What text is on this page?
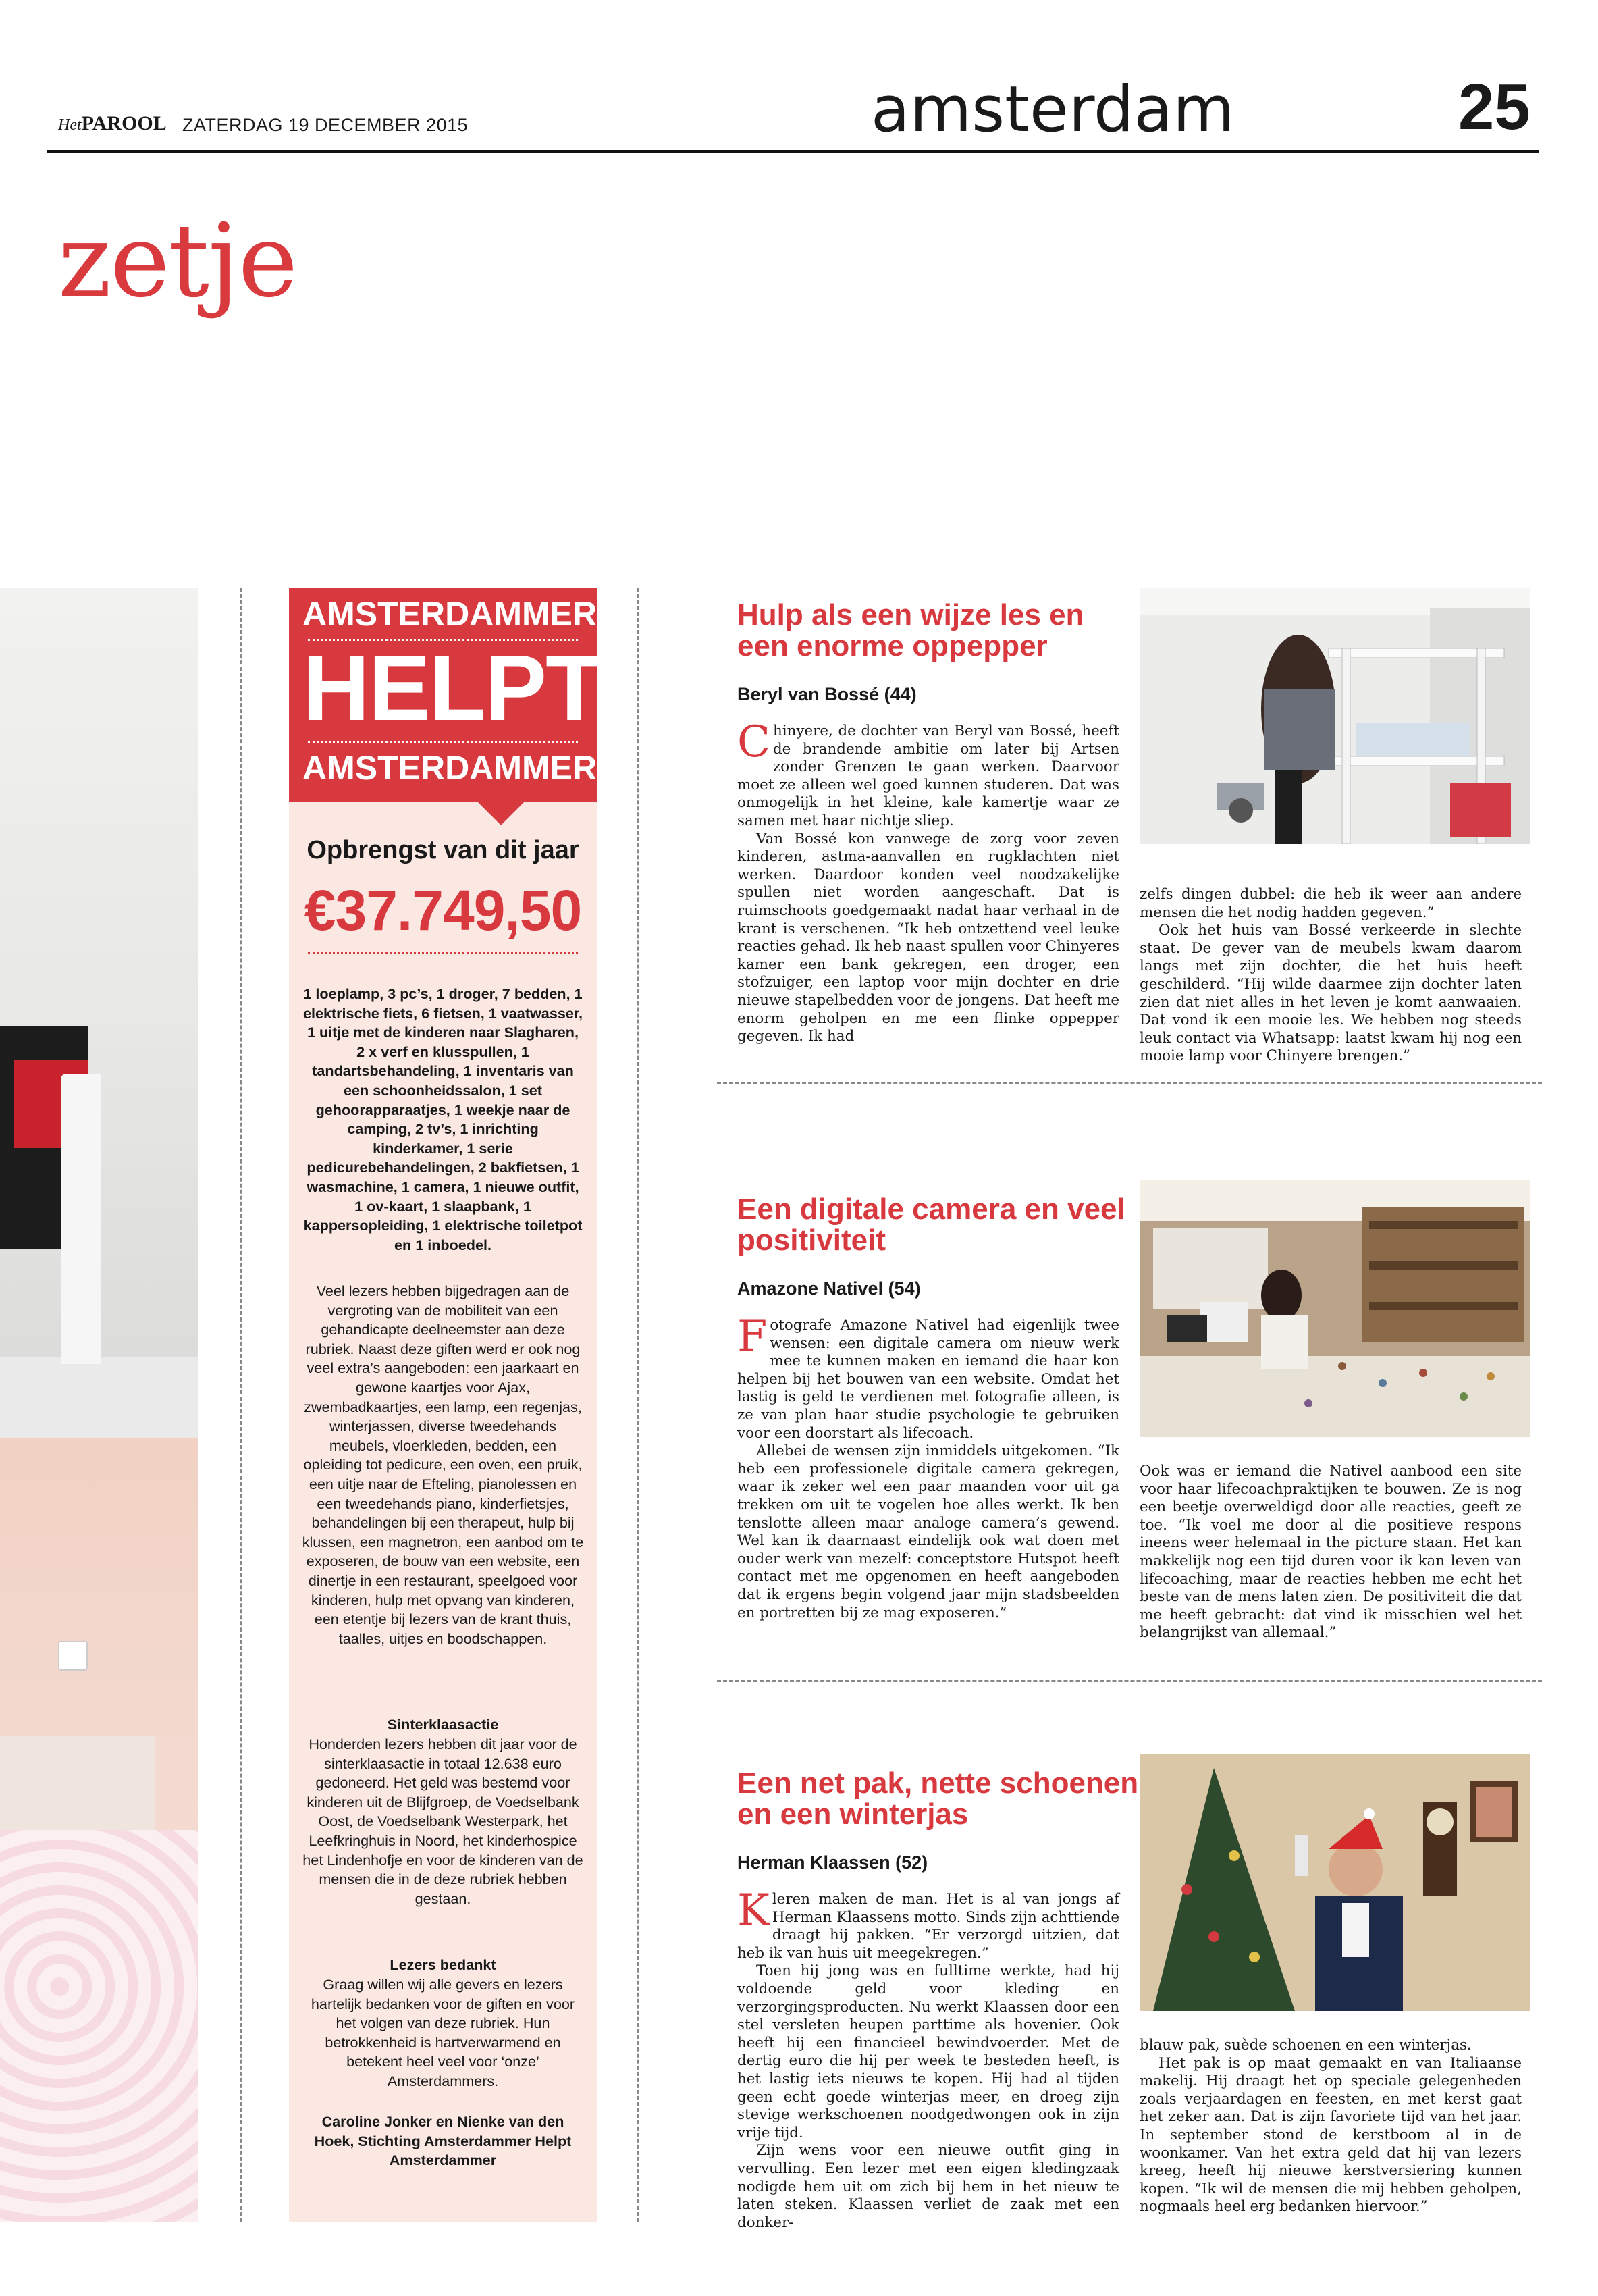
HetPAROOL ZATERDAG 19 DECEMBER 2015	amsterdam	25
zetje
AMSTERDAMMER
HELPT
AMSTERDAMMER
Opbrengst van dit jaar
€37.749,50
1 loeplamp, 3 pc’s, 1 droger, 7 bedden, 1 elektrische fiets, 6 fietsen, 1 vaatwasser, 1 uitje met de kinderen naar Slagharen, 2 x verf en klusspullen, 1 tandartsbehandeling, 1 inventaris van een schoonheidssalon, 1 set gehoorapparaatjes, 1 weekje naar de camping, 2 tv’s, 1 inrichting kinderkamer, 1 serie pedicurebehandelingen, 2 bakfietsen, 1 wasmachine, 1 camera, 1 nieuwe outfit, 1 ov-kaart, 1 slaapbank, 1 kappersopleiding, 1 elektrische toiletpot en 1 inboedel.
Veel lezers hebben bijgedragen aan de vergroting van de mobiliteit van een gehandicapte deelneemster aan deze rubriek. Naast deze giften werd er ook nog veel extra’s aangeboden: een jaarkaart en gewone kaartjes voor Ajax, zwembadkaartjes, een lamp, een regenjas, winterjassen, diverse tweedehands meubels, vloerkleden, bedden, een opleiding tot pedicure, een oven, een pruik, een uitje naar de Efteling, pianolessen en een tweedehands piano, kinderfietsjes, behandelingen bij een therapeut, hulp bij klussen, een magnetron, een aanbod om te exposeren, de bouw van een website, een dinertje in een restaurant, speelgoed voor kinderen, hulp met opvang van kinderen, een etentje bij lezers van de krant thuis, taalles, uitjes en boodschappen.
Sinterklaasactie
Honderden lezers hebben dit jaar voor de sinterklaasactie in totaal 12.638 euro gedoneerd. Het geld was bestemd voor kinderen uit de Blijfgroep, de Voedselbank Oost, de Voedselbank Westerpark, het Leefkringhuis in Noord, het kinderhospice het Lindenhofje en voor de kinderen van de mensen die in de deze rubriek hebben gestaan.
Lezers bedankt
Graag willen wij alle gevers en lezers hartelijk bedanken voor de giften en voor het volgen van deze rubriek. Hun betrokkenheid is hartverwarmend en betekent heel veel voor ‘onze’ Amsterdammers.
Caroline Jonker en Nienke van den Hoek, Stichting Amsterdammer Helpt Amsterdammer
Hulp als een wijze les en een enorme oppepper
Beryl van Bossé (44)

Chinyere, de dochter van Beryl van Bossé, heeft de brandende ambitie om later bij Artsen zonder Grenzen te gaan werken. Daarvoor moet ze alleen wel goed kunnen studeren. Dat was onmogelijk in het kleine, kale kamertje waar ze samen met haar nichtje sliep.

Van Bossé kon vanwege de zorg voor zeven kinderen, astma-aanvallen en rugklachten niet werken. Daardoor konden veel noodzakelijke spullen niet worden aangeschaft. Dat is ruimschoots goedgemaakt nadat haar verhaal in de krant is verschenen. “Ik heb ontzettend veel leuke reacties gehad. Ik heb naast spullen voor Chinyeres kamer een bank gekregen, een droger, een stofzuiger, een laptop voor mijn dochter en drie nieuwe stapelbedden voor de jongens. Dat heeft me enorm geholpen en me een flinke oppepper gegeven. Ik had

zelfs dingen dubbel: die heb ik weer aan andere mensen die het nodig hadden gegeven.”

Ook het huis van Bossé verkeerde in slechte staat. De gever van de meubels kwam daarom langs met zijn dochter, die het huis heeft geschilderd. “Hij wilde daarmee zijn dochter laten zien dat niet alles in het leven je komt aanwaaien. Dat vond ik een mooie les. We hebben nog steeds leuk contact via Whatsapp: laatst kwam hij nog een mooie lamp voor Chinyere brengen.”

Een digitale camera en veel positiviteit
Amazone Nativel (54)

Fotografe Amazone Nativel had eigenlijk twee wensen: een digitale camera om nieuw werk mee te kunnen maken en iemand die haar kon helpen bij het bouwen van een website. Omdat het lastig is geld te verdienen met fotografie alleen, is ze van plan haar studie psychologie te gebruiken voor een doorstart als lifecoach.

Allebei de wensen zijn inmiddels uitgekomen. “Ik heb een professionele digitale camera gekregen, waar ik zeker wel een paar maanden voor uit ga trekken om uit te vogelen hoe alles werkt. Ik ben tenslotte alleen maar analoge camera’s gewend. Wel kan ik daarnaast eindelijk ook wat doen met ouder werk van mezelf: conceptstore Hutspot heeft contact met me opgenomen en heeft aangeboden dat ik ergens begin volgend jaar mijn stadsbeelden en portretten bij ze mag exposeren.”

Ook was er iemand die Nativel aanbood een site voor haar lifecoachpraktijken te bouwen. Ze is nog een beetje overweldigd door alle reacties, geeft ze toe. “Ik voel me door al die positieve respons ineens weer helemaal in the picture staan. Het kan makkelijk nog een tijd duren voor ik kan leven van lifecoaching, maar de reacties hebben me echt het beste van de mens laten zien. De positiviteit die dat me heeft gebracht: dat vind ik misschien wel het belangrijkst van allemaal.”

Een net pak, nette schoenen en een winterjas
Herman Klaassen (52)

Kleren maken de man. Het is al van jongs af Herman Klaassens motto. Sinds zijn achttiende draagt hij pakken. “Er verzorgd uitzien, dat heb ik van huis uit meegekregen.”

Toen hij jong was en fulltime werkte, had hij voldoende geld voor kleding en verzorgingsproducten. Nu werkt Klaassen door een stel versleten heupen parttime als hovenier. Ook heeft hij een financieel bewindvoerder. Met de dertig euro die hij per week te besteden heeft, is het lastig iets nieuws te kopen. Hij had al tijden geen echt goede winterjas meer, en droeg zijn stevige werkschoenen noodgedwongen ook in zijn vrije tijd.

Zijn wens voor een nieuwe outfit ging in vervulling. Een lezer met een eigen kledingzaak nodigde hem uit om zich bij hem in het nieuw te laten steken. Klaassen verliet de zaak met een donker-

blauw pak, suède schoenen en een winterjas.

Het pak is op maat gemaakt en van Italiaanse makelij. Hij draagt het op speciale gelegenheden zoals verjaardagen en feesten, en met kerst gaat het zeker aan. Dat is zijn favoriete tijd van het jaar. In september stond de kerstboom al in de woonkamer. Van het extra geld dat hij van lezers kreeg, heeft hij nieuwe kerstversiering kunnen kopen. “Ik wil de mensen die mij hebben geholpen, nogmaals heel erg bedanken hiervoor.”
